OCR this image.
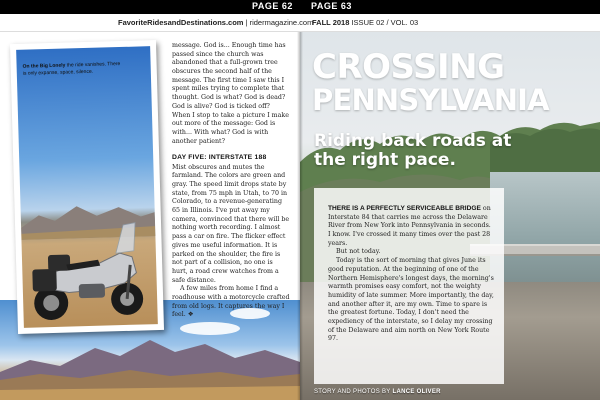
PAGE 62 PAGE 63
FavoriteRidesandDestinations.com | ridermagazine.com
FALL 2018 ISSUE 02 / VOL. 03
On the Big Lonely the ride vanishes. There is only expanse, space, silence.

message. God is... Enough time has passed since the church was abandoned that a full-grown tree obscures the second half of the message. The first time I saw this I spent miles trying to complete that thought. God is what? God is dead? God is alive? God is ticked off? When I stop to take a picture I make out more of the message: God is with... With what? God is with another patient?

DAY FIVE: INTERSTATE 188

Mist obscures and mutes the farmland. The colors are green and gray. The speed limit drops state by state, from 75 mph in Utah, to 70 in Colorado, to a revenue-generating 65 in Illinois. I've put away my camera, convinced that there will be nothing worth recording. I almost pass a car on fire. The flicker effect gives me useful information. It is parked on the shoulder, the fire is not part of a collision, no one is hurt, a road crew watches from a safe distance.

A few miles from home I find a roadhouse with a motorcycle crafted from old logs. It captures the way I feel. ❖

CROSSING
PENNSYLVANIA
Riding back roads at the right pace.

THERE IS A PERFECTLY SERVICEABLE BRIDGE on Interstate 84 that carries me across the Delaware River from New York into Pennsylvania in seconds. I know. I've crossed it many times over the past 28 years.

But not today.

Today is the sort of morning that gives June its good reputation. At the beginning of one of the Northern Hemisphere's longest days, the morning's warmth promises easy comfort, not the weighty humidity of late summer. More importantly, the day, and another after it, are my own. Time to spare is the greatest fortune. Today, I don't need the expediency of the interstate, so I delay my crossing of the Delaware and aim north on New York Route 97.

STORY AND PHOTOS BY LANCE OLIVER
